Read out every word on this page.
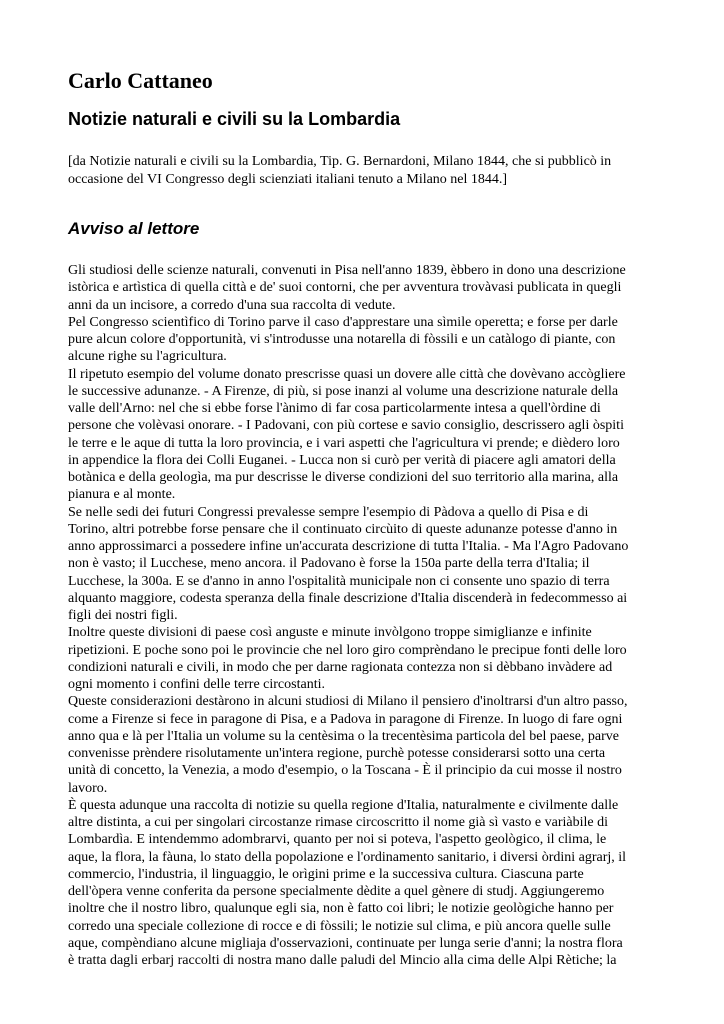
Carlo Cattaneo
Notizie naturali e civili su la Lombardia

[da Notizie naturali e civili su la Lombardia, Tip. G. Bernardoni, Milano 1844, che si pubblicò in
occasione del VI Congresso degli scienziati italiani tenuto a Milano nel 1844.]

Avviso al lettore
Gli studiosi delle scienze naturali, convenuti in Pisa nell'anno 1839, èbbero in dono una descrizione
istòrica e artìstica di quella città e de' suoi contorni, che per avventura trovàvasi publicata in quegli
anni da un incisore, a corredo d'una sua raccolta di vedute.
Pel Congresso scientìfico di Torino parve il caso d'apprestare una sìmile operetta; e forse per darle
pure alcun colore d'opportunità, vi s'introdusse una notarella di fòssili e un catàlogo di piante, con
alcune righe su l'agricultura.
Il ripetuto esempio del volume donato prescrisse quasi un dovere alle città che dovèvano accògliere
le successive adunanze. - A Firenze, di più, si pose inanzi al volume una descrizione naturale della
valle dell'Arno: nel che si ebbe forse l'ànimo di far cosa particolarmente intesa a quell'òrdine di
persone che volèvasi onorare. - I Padovani, con più cortese e savio consiglio, descrissero agli òspiti
le terre e le aque di tutta la loro provincia, e i vari aspetti che l'agricultura vi prende; e dièdero loro
in appendice la flora dei Colli Euganei. - Lucca non si curò per verità di piacere agli amatori della
botànica e della geologìa, ma pur descrisse le diverse condizioni del suo territorio alla marina, alla
pianura e al monte.
Se nelle sedi dei futuri Congressi prevalesse sempre l'esempio di Pàdova a quello di Pisa e di
Torino, altri potrebbe forse pensare che il continuato circùito di queste adunanze potesse d'anno in
anno approssimarci a possedere infine un'accurata descrizione di tutta l'Italia. - Ma l'Agro Padovano
non è vasto; il Lucchese, meno ancora. il Padovano è forse la 150a parte della terra d'Italia; il
Lucchese, la 300a. E se d'anno in anno l'ospitalità municipale non ci consente uno spazio di terra
alquanto maggiore, codesta speranza della finale descrizione d'Italia discenderà in fedecommesso ai
figli dei nostri figli.
Inoltre queste divisioni di paese così anguste e minute invòlgono troppe simiglianze e infinite
ripetizioni. E poche sono poi le provincie che nel loro giro comprèndano le precipue fonti delle loro
condizioni naturali e civili, in modo che per darne ragionata contezza non si dèbbano invàdere ad
ogni momento i confini delle terre circostanti.
Queste considerazioni destàrono in alcuni studiosi di Milano il pensiero d'inoltrarsi d'un altro passo,
come a Firenze si fece in paragone di Pisa, e a Padova in paragone di Firenze. In luogo di fare ogni
anno qua e là per l'Italia un volume su la centèsima o la trecentèsima particola del bel paese, parve
convenisse prèndere risolutamente un'intera regione, purchè potesse considerarsi sotto una certa
unità di concetto, la Venezia, a modo d'esempio, o la Toscana - È il principio da cui mosse il nostro
lavoro.
È questa adunque una raccolta di notizie su quella regione d'Italia, naturalmente e civilmente dalle
altre distinta, a cui per singolari circostanze rimase circoscritto il nome già sì vasto e variàbile di
Lombardìa. E intendemmo adombrarvi, quanto per noi si poteva, l'aspetto geològico, il clima, le
aque, la flora, la fàuna, lo stato della popolazione e l'ordinamento sanitario, i diversi òrdini agrarj, il
commercio, l'industria, il linguaggio, le orìgini prime e la successiva cultura. Ciascuna parte
dell'òpera venne conferita da persone specialmente dèdite a quel gènere di studj. Aggiungeremo
inoltre che il nostro libro, qualunque egli sia, non è fatto coi libri; le notizie geològiche hanno per
corredo una speciale collezione di rocce e di fòssili; le notizie sul clima, e più ancora quelle sulle
aque, compèndiano alcune migliaja d'osservazioni, continuate per lunga serie d'anni; la nostra flora
è tratta dagli erbarj raccolti di nostra mano dalle paludi del Mincio alla cima delle Alpi Rètiche; la
